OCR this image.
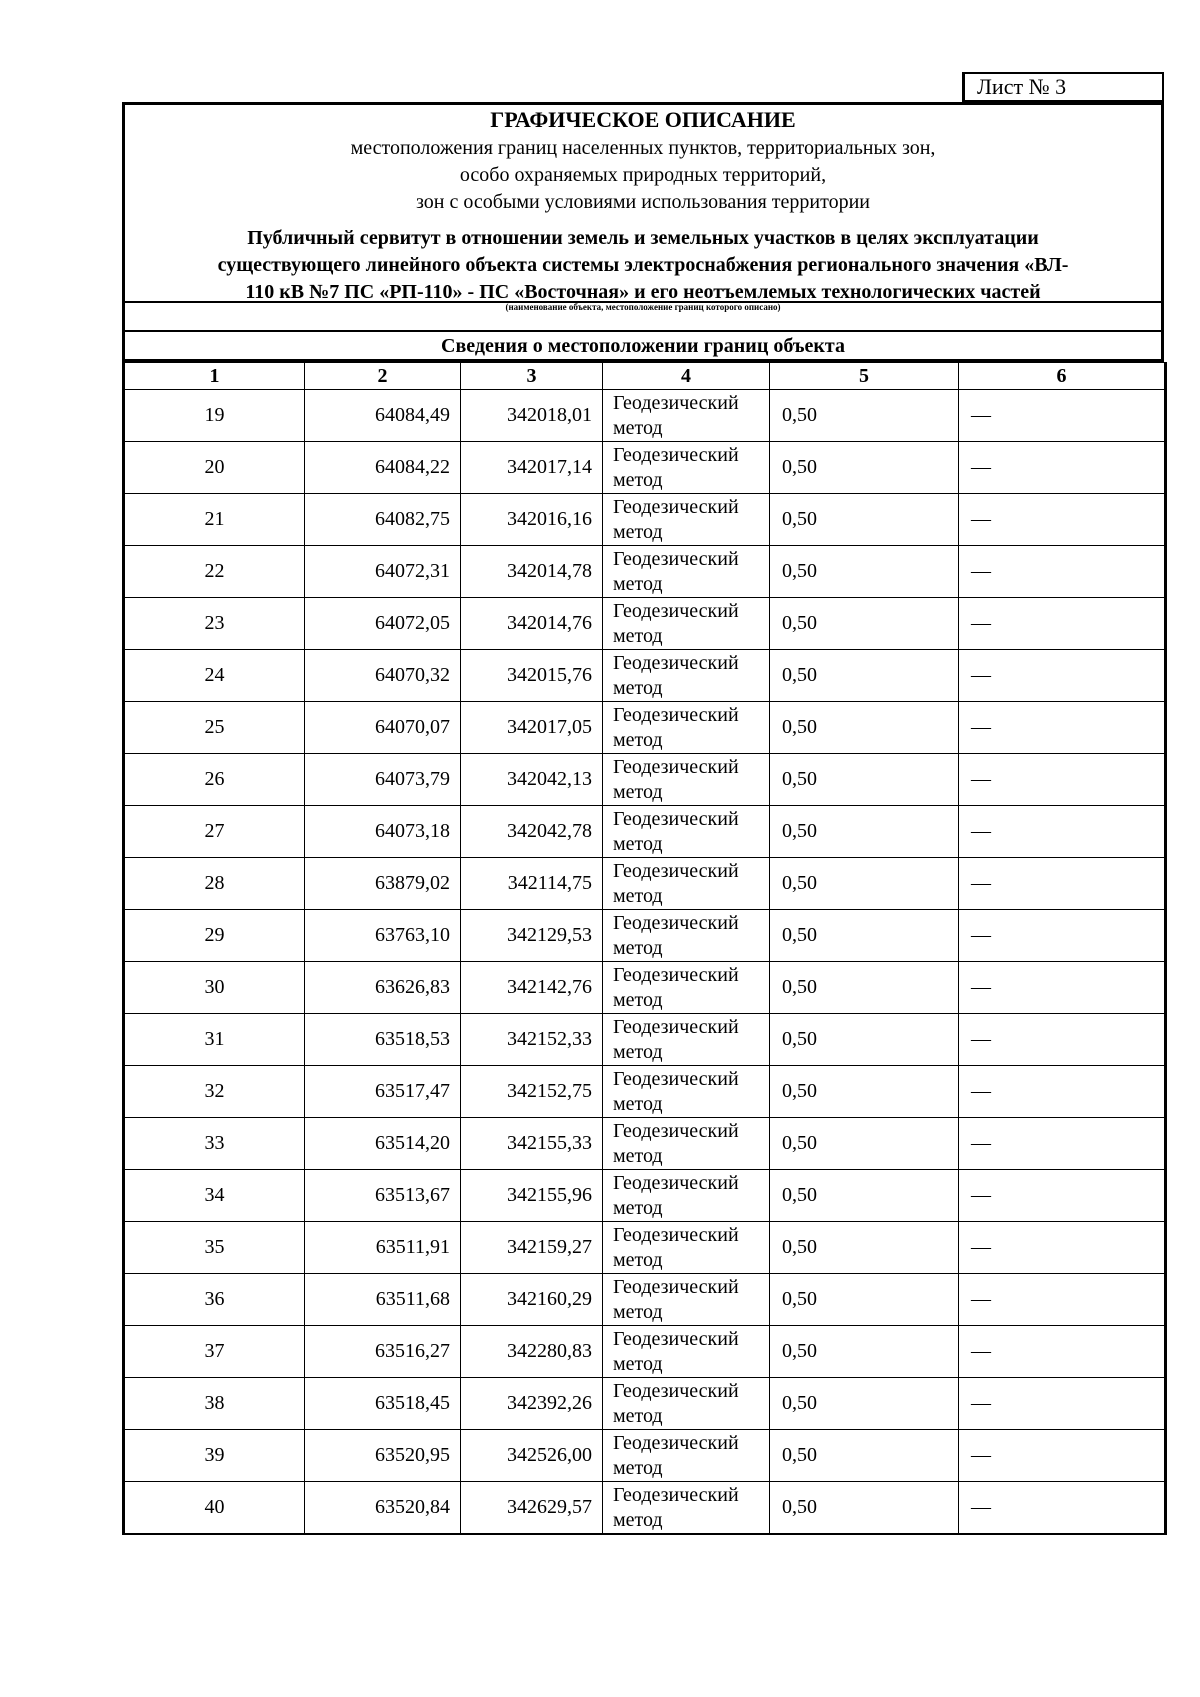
Лист № 3
ГРАФИЧЕСКОЕ ОПИСАНИЕ
местоположения границ населенных пунктов, территориальных зон,
особо охраняемых природных территорий,
зон с особыми условиями использования территории
Публичный сервитут в отношении земель и земельных участков в целях эксплуатации
существующего линейного объекта системы электроснабжения регионального значения «ВЛ-
110 кВ №7 ПС «РП-110» - ПС «Восточная» и его неотъемлемых технологических частей
(наименование объекта, местоположение границ которого описано)
Сведения о местоположении границ объекта
1	2	3	4	5	6
19	64084,49	342018,01	Геодезический метод	0,50	—
20	64084,22	342017,14	Геодезический метод	0,50	—
21	64082,75	342016,16	Геодезический метод	0,50	—
22	64072,31	342014,78	Геодезический метод	0,50	—
23	64072,05	342014,76	Геодезический метод	0,50	—
24	64070,32	342015,76	Геодезический метод	0,50	—
25	64070,07	342017,05	Геодезический метод	0,50	—
26	64073,79	342042,13	Геодезический метод	0,50	—
27	64073,18	342042,78	Геодезический метод	0,50	—
28	63879,02	342114,75	Геодезический метод	0,50	—
29	63763,10	342129,53	Геодезический метод	0,50	—
30	63626,83	342142,76	Геодезический метод	0,50	—
31	63518,53	342152,33	Геодезический метод	0,50	—
32	63517,47	342152,75	Геодезический метод	0,50	—
33	63514,20	342155,33	Геодезический метод	0,50	—
34	63513,67	342155,96	Геодезический метод	0,50	—
35	63511,91	342159,27	Геодезический метод	0,50	—
36	63511,68	342160,29	Геодезический метод	0,50	—
37	63516,27	342280,83	Геодезический метод	0,50	—
38	63518,45	342392,26	Геодезический метод	0,50	—
39	63520,95	342526,00	Геодезический метод	0,50	—
40	63520,84	342629,57	Геодезический метод	0,50	—
